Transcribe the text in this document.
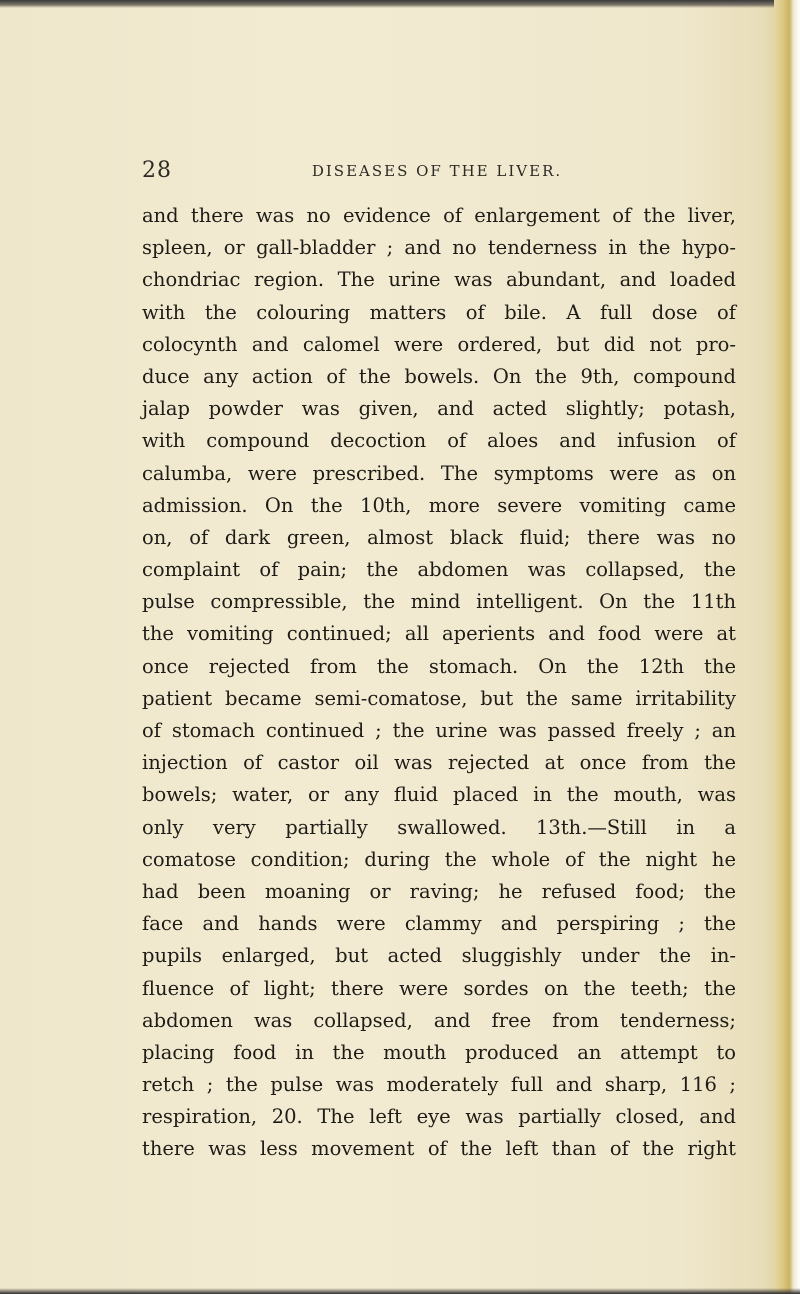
28	DISEASES OF THE LIVER.
and there was no evidence of enlargement of the liver,
spleen, or gall-bladder ; and no tenderness in the hypo-
chondriac region. The urine was abundant, and loaded
with the colouring matters of bile. A full dose of
colocynth and calomel were ordered, but did not pro-
duce any action of the bowels. On the 9th, compound
jalap powder was given, and acted slightly; potash,
with compound decoction of aloes and infusion of
calumba, were prescribed. The symptoms were as on
admission. On the 10th, more severe vomiting came
on, of dark green, almost black fluid; there was no
complaint of pain; the abdomen was collapsed, the
pulse compressible, the mind intelligent. On the 11th
the vomiting continued; all aperients and food were at
once rejected from the stomach. On the 12th the
patient became semi-comatose, but the same irritability
of stomach continued ; the urine was passed freely ; an
injection of castor oil was rejected at once from the
bowels; water, or any fluid placed in the mouth, was
only very partially swallowed. 13th.—Still in a
comatose condition; during the whole of the night he
had been moaning or raving; he refused food; the
face and hands were clammy and perspiring ; the
pupils enlarged, but acted sluggishly under the in-
fluence of light; there were sordes on the teeth; the
abdomen was collapsed, and free from tenderness;
placing food in the mouth produced an attempt to
retch ; the pulse was moderately full and sharp, 116 ;
respiration, 20. The left eye was partially closed, and
there was less movement of the left than of the right
